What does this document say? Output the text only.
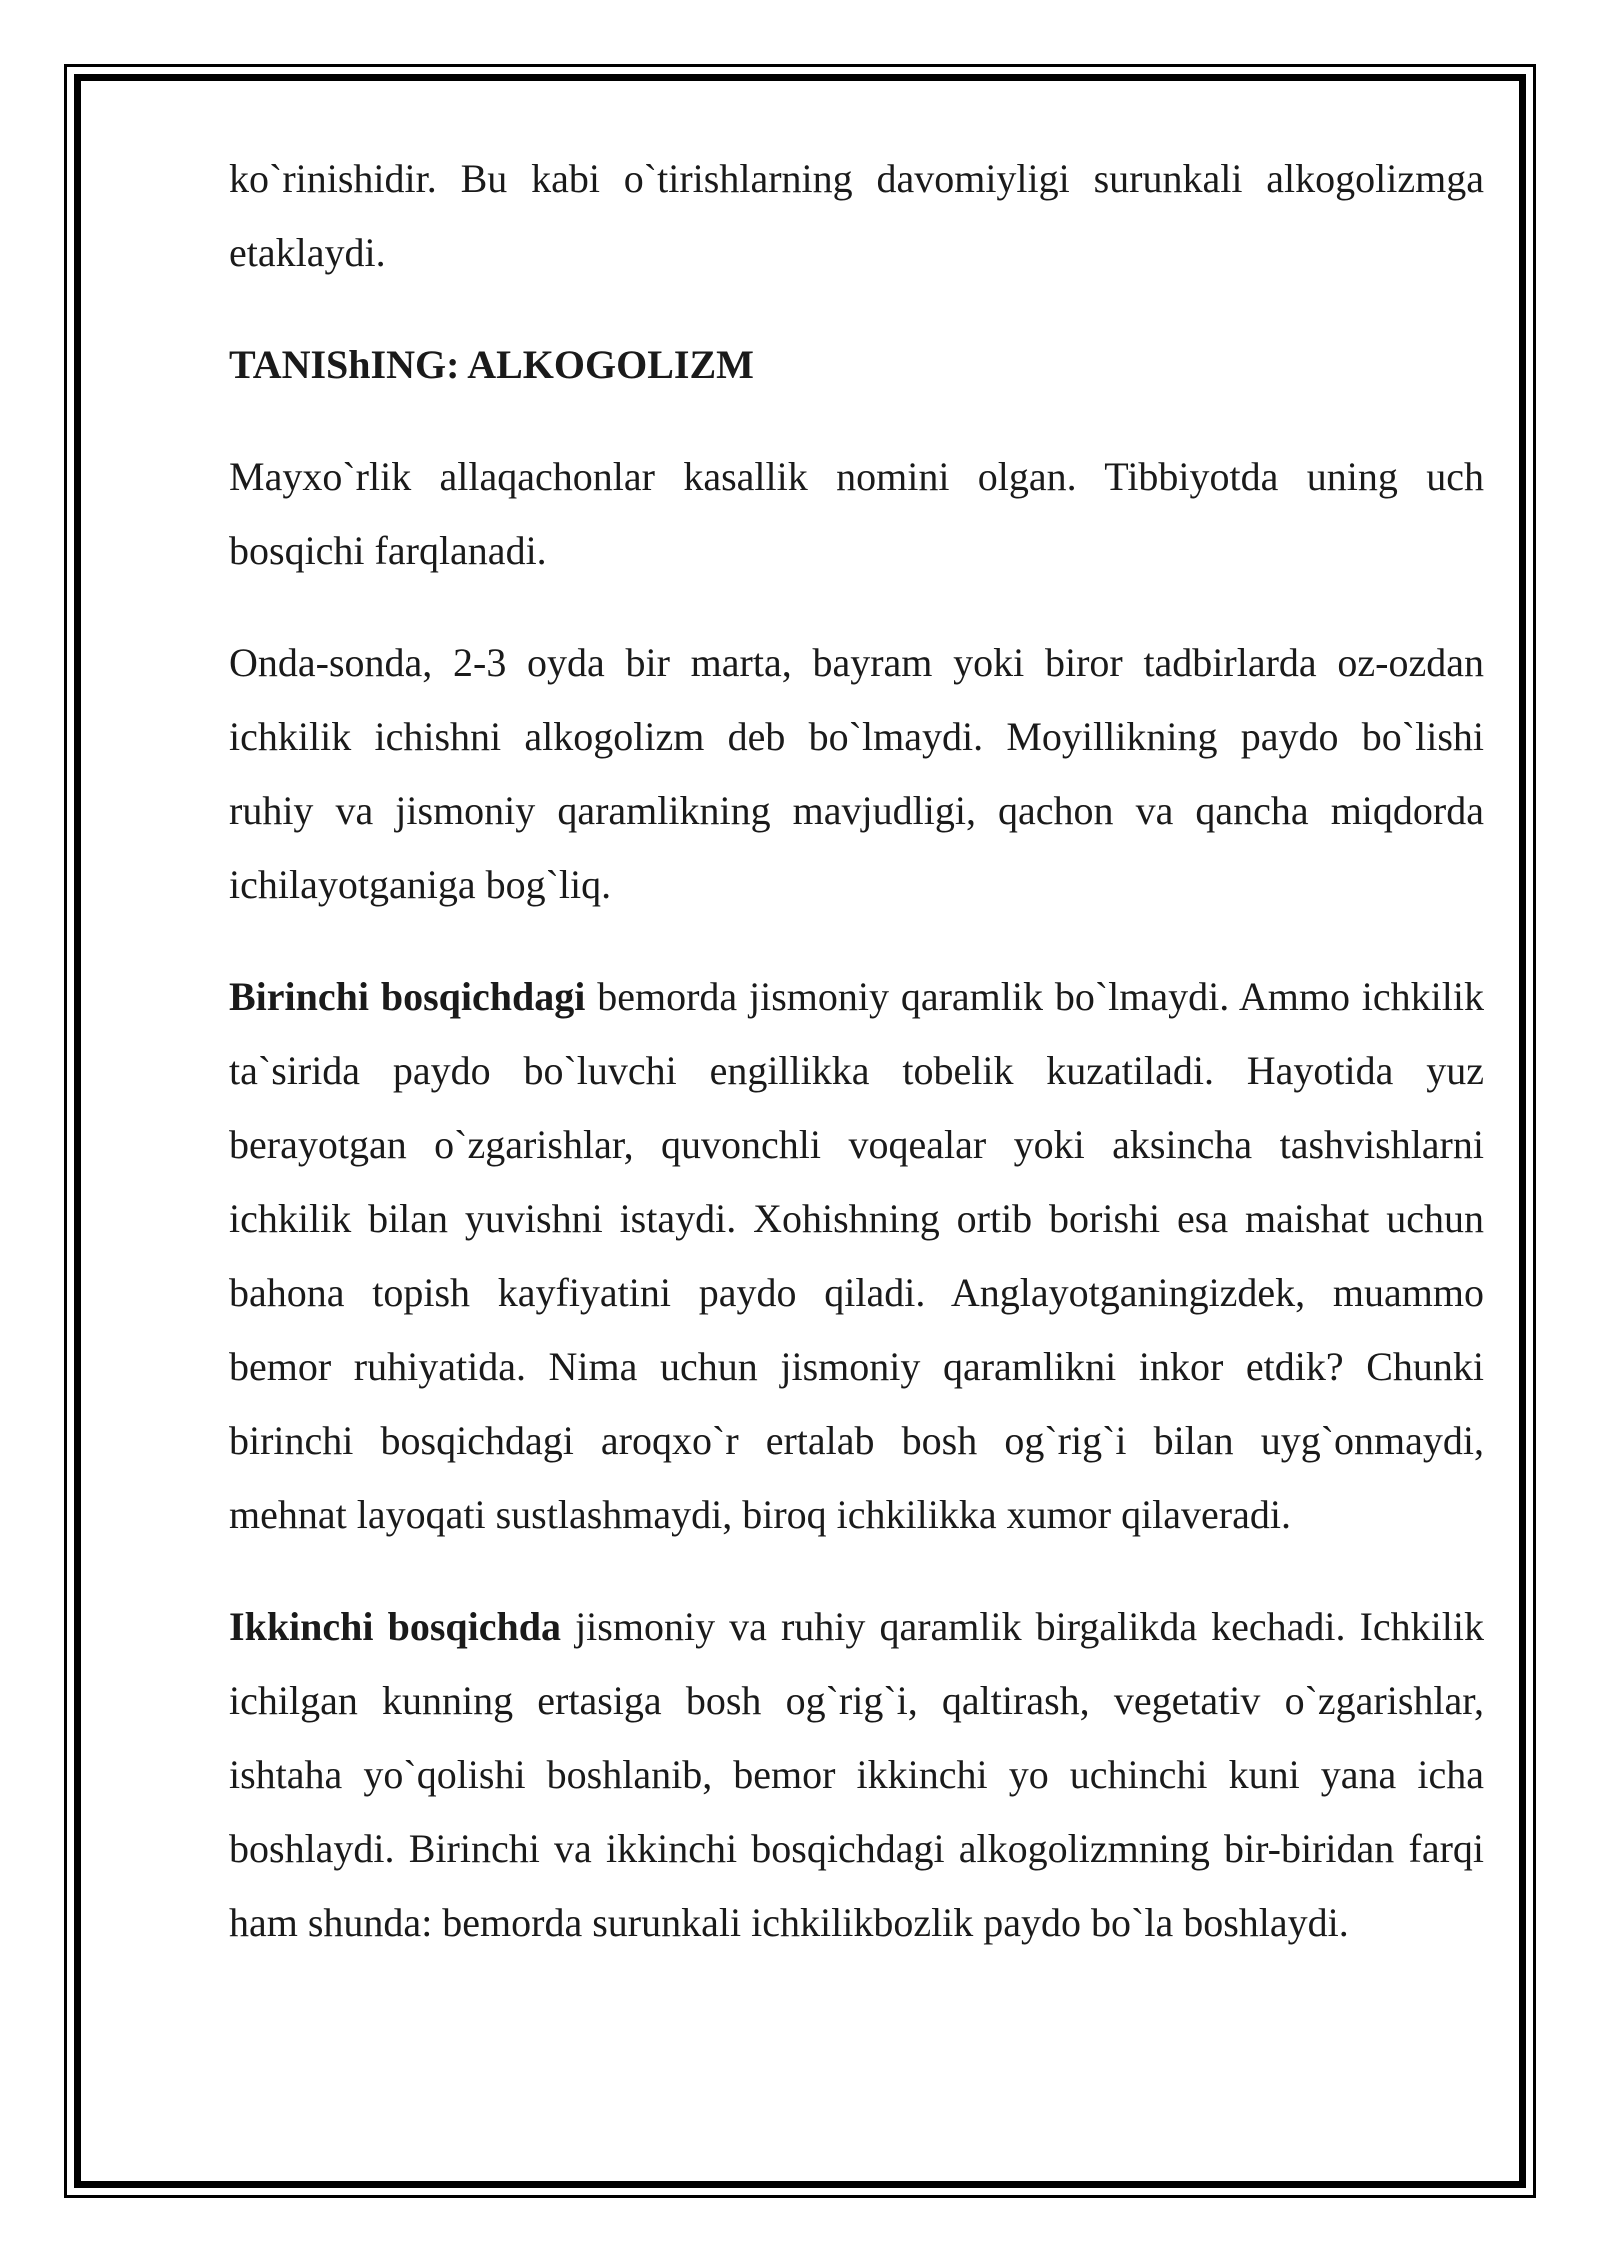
ko`rinishidir. Bu kabi o`tirishlarning davomiyligi surunkali alkogolizmga etaklaydi.

TANIShING: ALKOGOLIZM

Mayxo`rlik allaqachonlar kasallik nomini olgan. Tibbiyotda uning uch bosqichi farqlanadi.

Onda-sonda, 2-3 oyda bir marta, bayram yoki biror tadbirlarda oz-ozdan ichkilik ichishni alkogolizm deb bo`lmaydi. Moyillikning paydo bo`lishi ruhiy va jismoniy qaramlikning mavjudligi, qachon va qancha miqdorda ichilayotganiga bog`liq.

Birinchi bosqichdagi bemorda jismoniy qaramlik bo`lmaydi. Ammo ichkilik ta`sirida paydo bo`luvchi engillikka tobelik kuzatiladi. Hayotida yuz berayotgan o`zgarishlar, quvonchli voqealar yoki aksincha tashvishlarni ichkilik bilan yuvishni istaydi. Xohishning ortib borishi esa maishat uchun bahona topish kayfiyatini paydo qiladi. Anglayotganingizdek, muammo bemor ruhiyatida. Nima uchun jismoniy qaramlikni inkor etdik? Chunki birinchi bosqichdagi aroqxo`r ertalab bosh og`rig`i bilan uyg`onmaydi, mehnat layoqati sustlashmaydi, biroq ichkilikka xumor qilaveradi.

Ikkinchi bosqichda jismoniy va ruhiy qaramlik birgalikda kechadi. Ichkilik ichilgan kunning ertasiga bosh og`rig`i, qaltirash, vegetativ o`zgarishlar, ishtaha yo`qolishi boshlanib, bemor ikkinchi yo uchinchi kuni yana icha boshlaydi. Birinchi va ikkinchi bosqichdagi alkogolizmning bir-biridan farqi ham shunda: bemorda surunkali ichkilikbozlik paydo bo`la boshlaydi.
